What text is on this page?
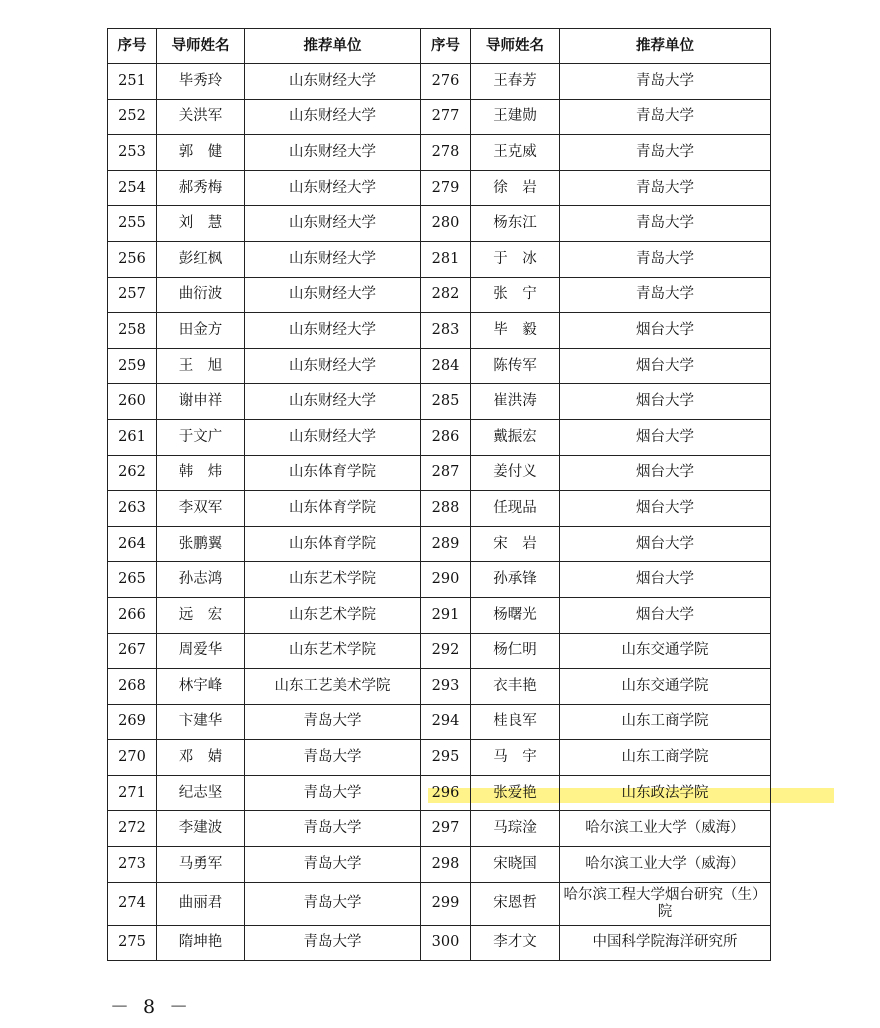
序号	导师姓名	推荐单位	序号	导师姓名	推荐单位
251	毕秀玲	山东财经大学	276	王春芳	青岛大学
252	关洪军	山东财经大学	277	王建勋	青岛大学
253	郭　健	山东财经大学	278	王克威	青岛大学
254	郝秀梅	山东财经大学	279	徐　岩	青岛大学
255	刘　慧	山东财经大学	280	杨东江	青岛大学
256	彭红枫	山东财经大学	281	于　冰	青岛大学
257	曲衍波	山东财经大学	282	张　宁	青岛大学
258	田金方	山东财经大学	283	毕　毅	烟台大学
259	王　旭	山东财经大学	284	陈传军	烟台大学
260	谢申祥	山东财经大学	285	崔洪涛	烟台大学
261	于文广	山东财经大学	286	戴振宏	烟台大学
262	韩　炜	山东体育学院	287	姜付义	烟台大学
263	李双军	山东体育学院	288	任现品	烟台大学
264	张鹏翼	山东体育学院	289	宋　岩	烟台大学
265	孙志鸿	山东艺术学院	290	孙承锋	烟台大学
266	远　宏	山东艺术学院	291	杨曙光	烟台大学
267	周爱华	山东艺术学院	292	杨仁明	山东交通学院
268	林宇峰	山东工艺美术学院	293	衣丰艳	山东交通学院
269	卞建华	青岛大学	294	桂良军	山东工商学院
270	邓　婧	青岛大学	295	马　宇	山东工商学院
271	纪志坚	青岛大学	296	张爱艳	山东政法学院
272	李建波	青岛大学	297	马琮淦	哈尔滨工业大学（威海）
273	马勇军	青岛大学	298	宋晓国	哈尔滨工业大学（威海）
274	曲丽君	青岛大学	299	宋恩哲	哈尔滨工程大学烟台研究（生）院
275	隋坤艳	青岛大学	300	李才文	中国科学院海洋研究所
－ 8 －
